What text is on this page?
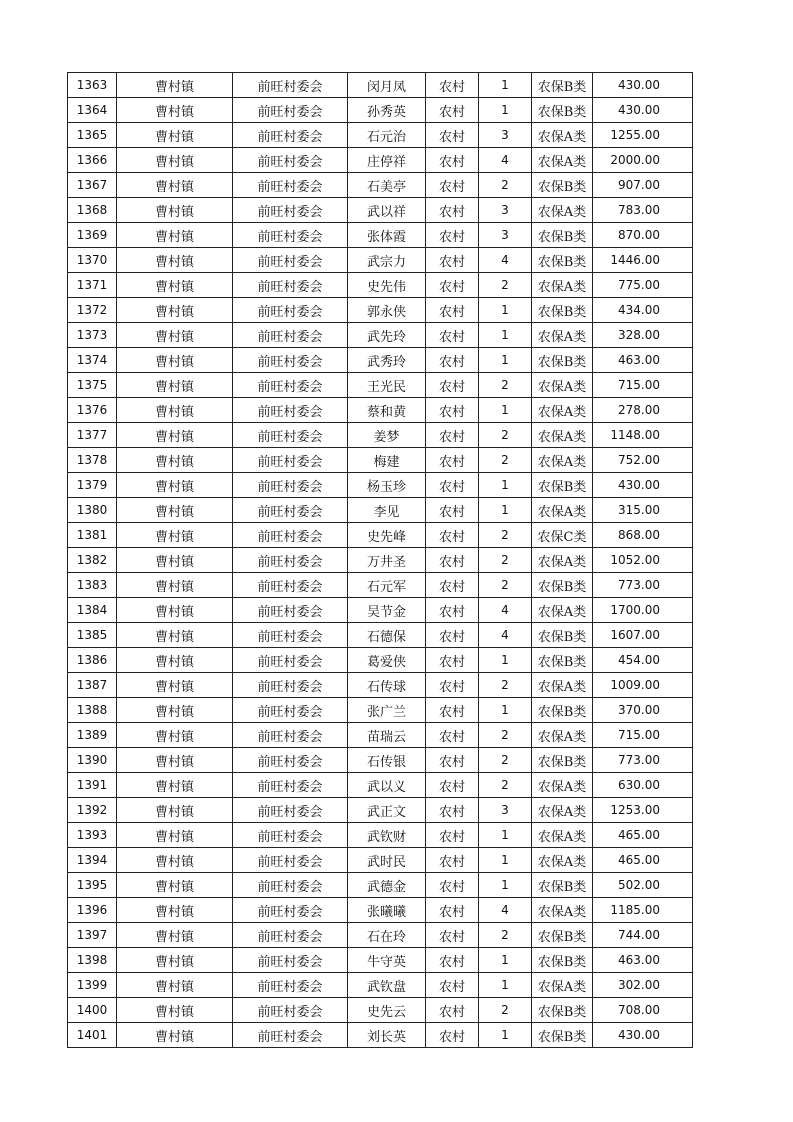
1363	曹村镇	前旺村委会	闵月凤	农村	1	农保B类	430.00
1364	曹村镇	前旺村委会	孙秀英	农村	1	农保B类	430.00
1365	曹村镇	前旺村委会	石元治	农村	3	农保A类	1255.00
1366	曹村镇	前旺村委会	庄停祥	农村	4	农保A类	2000.00
1367	曹村镇	前旺村委会	石美亭	农村	2	农保B类	907.00
1368	曹村镇	前旺村委会	武以祥	农村	3	农保A类	783.00
1369	曹村镇	前旺村委会	张体霞	农村	3	农保B类	870.00
1370	曹村镇	前旺村委会	武宗力	农村	4	农保B类	1446.00
1371	曹村镇	前旺村委会	史先伟	农村	2	农保A类	775.00
1372	曹村镇	前旺村委会	郭永侠	农村	1	农保B类	434.00
1373	曹村镇	前旺村委会	武先玲	农村	1	农保A类	328.00
1374	曹村镇	前旺村委会	武秀玲	农村	1	农保B类	463.00
1375	曹村镇	前旺村委会	王光民	农村	2	农保A类	715.00
1376	曹村镇	前旺村委会	蔡和黄	农村	1	农保A类	278.00
1377	曹村镇	前旺村委会	姜梦	农村	2	农保A类	1148.00
1378	曹村镇	前旺村委会	梅建	农村	2	农保A类	752.00
1379	曹村镇	前旺村委会	杨玉珍	农村	1	农保B类	430.00
1380	曹村镇	前旺村委会	李见	农村	1	农保A类	315.00
1381	曹村镇	前旺村委会	史先峰	农村	2	农保C类	868.00
1382	曹村镇	前旺村委会	万井圣	农村	2	农保A类	1052.00
1383	曹村镇	前旺村委会	石元军	农村	2	农保B类	773.00
1384	曹村镇	前旺村委会	吴节金	农村	4	农保A类	1700.00
1385	曹村镇	前旺村委会	石德保	农村	4	农保B类	1607.00
1386	曹村镇	前旺村委会	葛爱侠	农村	1	农保B类	454.00
1387	曹村镇	前旺村委会	石传球	农村	2	农保A类	1009.00
1388	曹村镇	前旺村委会	张广兰	农村	1	农保B类	370.00
1389	曹村镇	前旺村委会	苗瑞云	农村	2	农保A类	715.00
1390	曹村镇	前旺村委会	石传银	农村	2	农保B类	773.00
1391	曹村镇	前旺村委会	武以义	农村	2	农保A类	630.00
1392	曹村镇	前旺村委会	武正文	农村	3	农保A类	1253.00
1393	曹村镇	前旺村委会	武钦财	农村	1	农保A类	465.00
1394	曹村镇	前旺村委会	武时民	农村	1	农保A类	465.00
1395	曹村镇	前旺村委会	武德金	农村	1	农保B类	502.00
1396	曹村镇	前旺村委会	张曦曦	农村	4	农保A类	1185.00
1397	曹村镇	前旺村委会	石在玲	农村	2	农保B类	744.00
1398	曹村镇	前旺村委会	牛守英	农村	1	农保B类	463.00
1399	曹村镇	前旺村委会	武钦盘	农村	1	农保A类	302.00
1400	曹村镇	前旺村委会	史先云	农村	2	农保B类	708.00
1401	曹村镇	前旺村委会	刘长英	农村	1	农保B类	430.00
